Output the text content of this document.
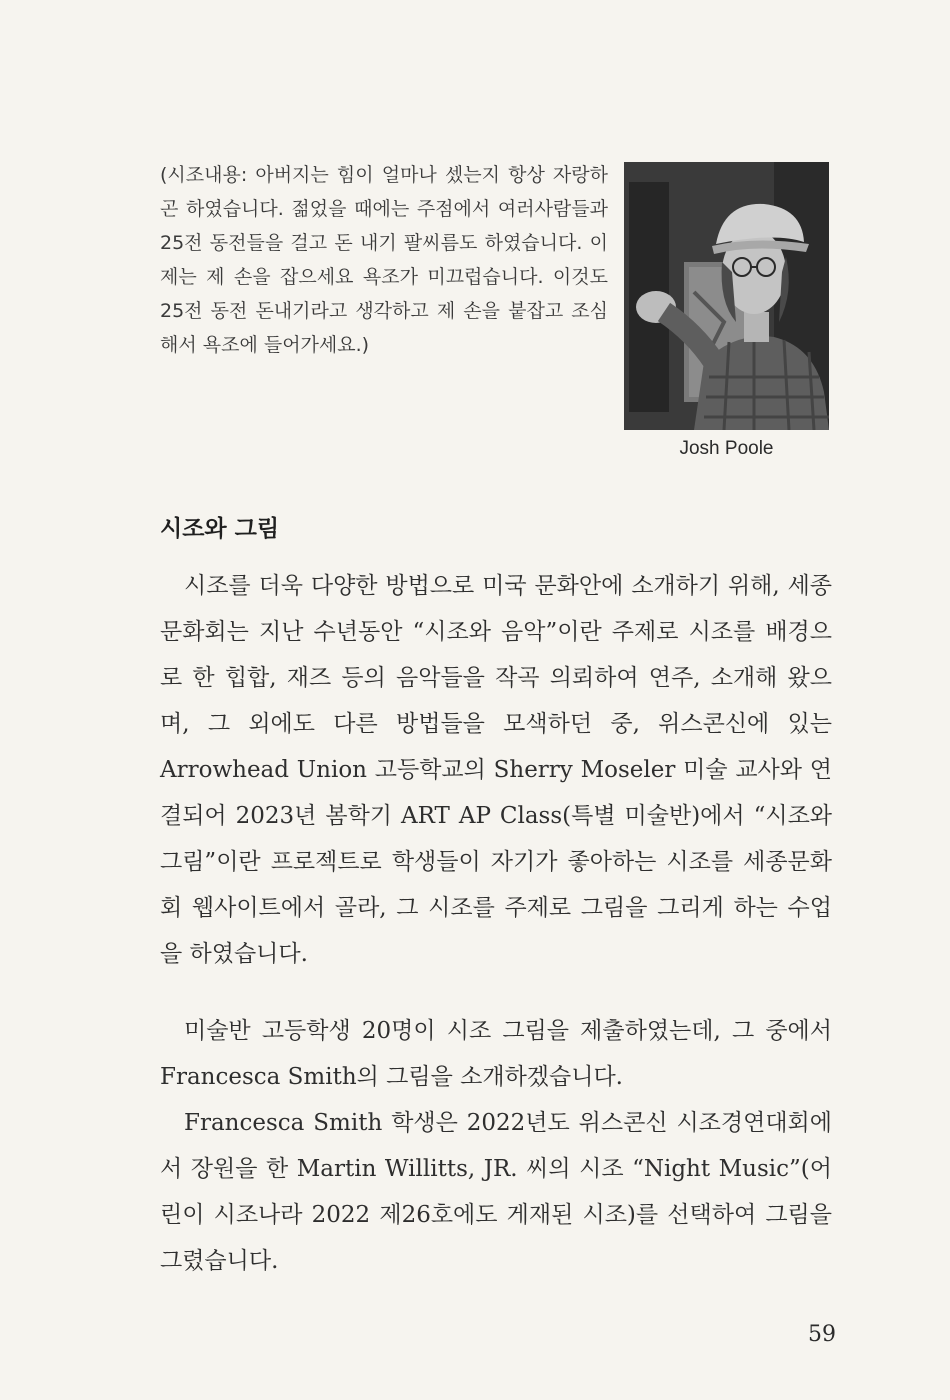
(시조내용: 아버지는 힘이 얼마나 셌는지 항상 자랑하곤 하였습니다. 젊었을 때에는 주점에서 여러사람들과 25전 동전들을 걸고 돈 내기 팔씨름도 하였습니다. 이제는 제 손을 잡으세요 욕조가 미끄럽습니다. 이것도 25전 동전 돈내기라고 생각하고 제 손을 붙잡고 조심해서 욕조에 들어가세요.)
Josh Poole
시조와 그림

시조를 더욱 다양한 방법으로 미국 문화안에 소개하기 위해, 세종문화회는 지난 수년동안 “시조와 음악”이란 주제로 시조를 배경으로 한 힙합, 재즈 등의 음악들을 작곡 의뢰하여 연주, 소개해 왔으며, 그 외에도 다른 방법들을 모색하던 중, 위스콘신에 있는 Arrowhead Union 고등학교의 Sherry Moseler 미술 교사와 연결되어 2023년 봄학기 ART AP Class(특별 미술반)에서 “시조와 그림”이란 프로젝트로 학생들이 자기가 좋아하는 시조를 세종문화회 웹사이트에서 골라, 그 시조를 주제로 그림을 그리게 하는 수업을 하였습니다.

미술반 고등학생 20명이 시조 그림을 제출하였는데, 그 중에서 Francesca Smith의 그림을 소개하겠습니다.

Francesca Smith 학생은 2022년도 위스콘신 시조경연대회에서 장원을 한 Martin Willitts, JR. 씨의 시조 “Night Music”(어린이 시조나라 2022 제26호에도 게재된 시조)를 선택하여 그림을 그렸습니다.

59
